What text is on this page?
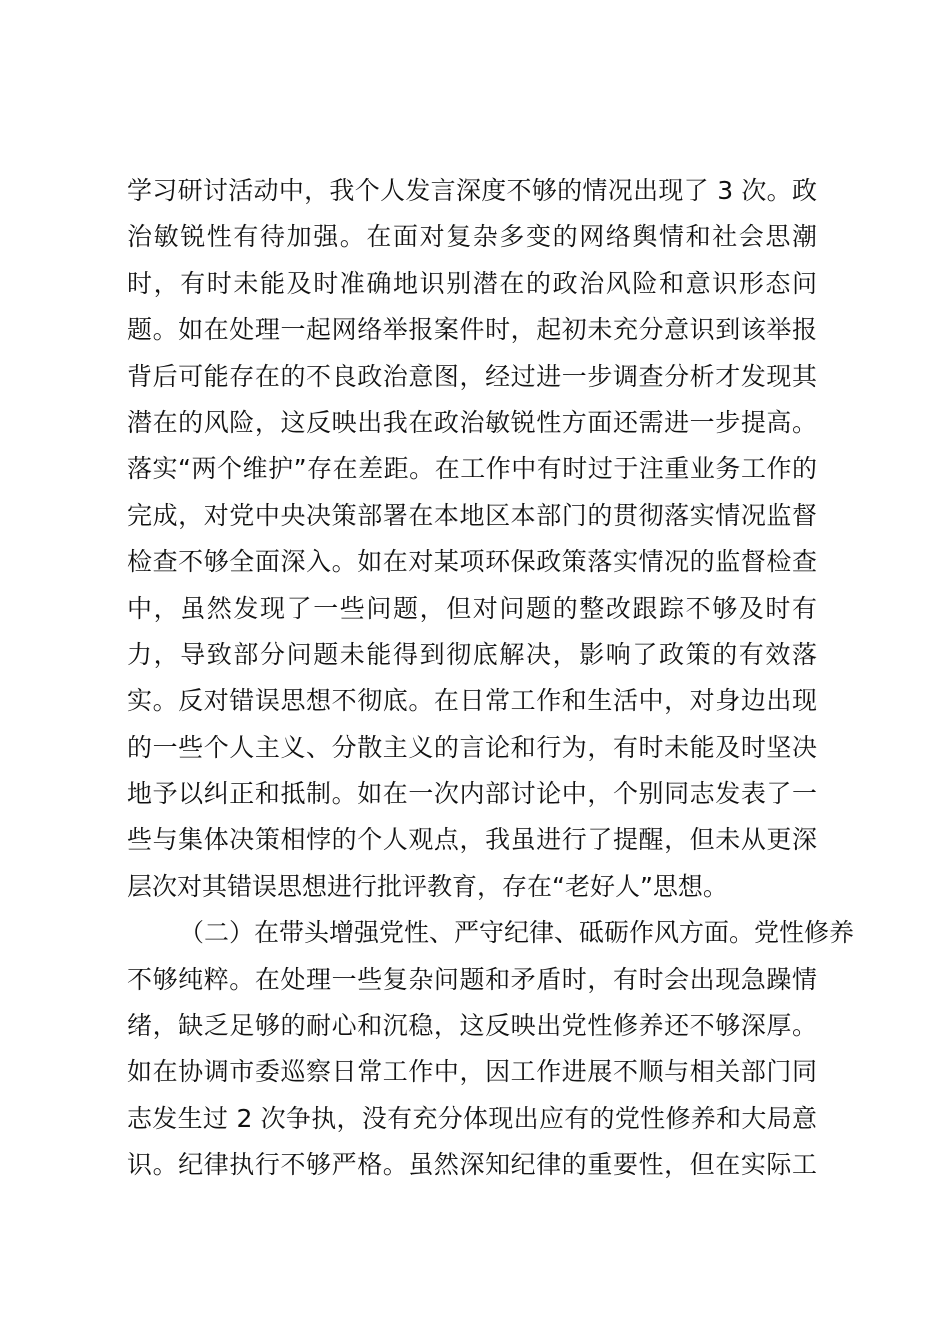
学习研讨活动中，我个人发言深度不够的情况出现了 3 次。政
治敏锐性有待加强。在面对复杂多变的网络舆情和社会思潮
时，有时未能及时准确地识别潜在的政治风险和意识形态问
题。如在处理一起网络举报案件时，起初未充分意识到该举报
背后可能存在的不良政治意图，经过进一步调查分析才发现其
潜在的风险，这反映出我在政治敏锐性方面还需进一步提高。
落实“两个维护”存在差距。在工作中有时过于注重业务工作的
完成，对党中央决策部署在本地区本部门的贯彻落实情况监督
检查不够全面深入。如在对某项环保政策落实情况的监督检查
中，虽然发现了一些问题，但对问题的整改跟踪不够及时有
力，导致部分问题未能得到彻底解决，影响了政策的有效落
实。反对错误思想不彻底。在日常工作和生活中，对身边出现
的一些个人主义、分散主义的言论和行为，有时未能及时坚决
地予以纠正和抵制。如在一次内部讨论中，个别同志发表了一
些与集体决策相悖的个人观点，我虽进行了提醒，但未从更深
层次对其错误思想进行批评教育，存在“老好人”思想。
（二）在带头增强党性、严守纪律、砥砺作风方面。党性修养
不够纯粹。在处理一些复杂问题和矛盾时，有时会出现急躁情
绪，缺乏足够的耐心和沉稳，这反映出党性修养还不够深厚。
如在协调市委巡察日常工作中，因工作进展不顺与相关部门同
志发生过 2 次争执，没有充分体现出应有的党性修养和大局意
识。纪律执行不够严格。虽然深知纪律的重要性，但在实际工
